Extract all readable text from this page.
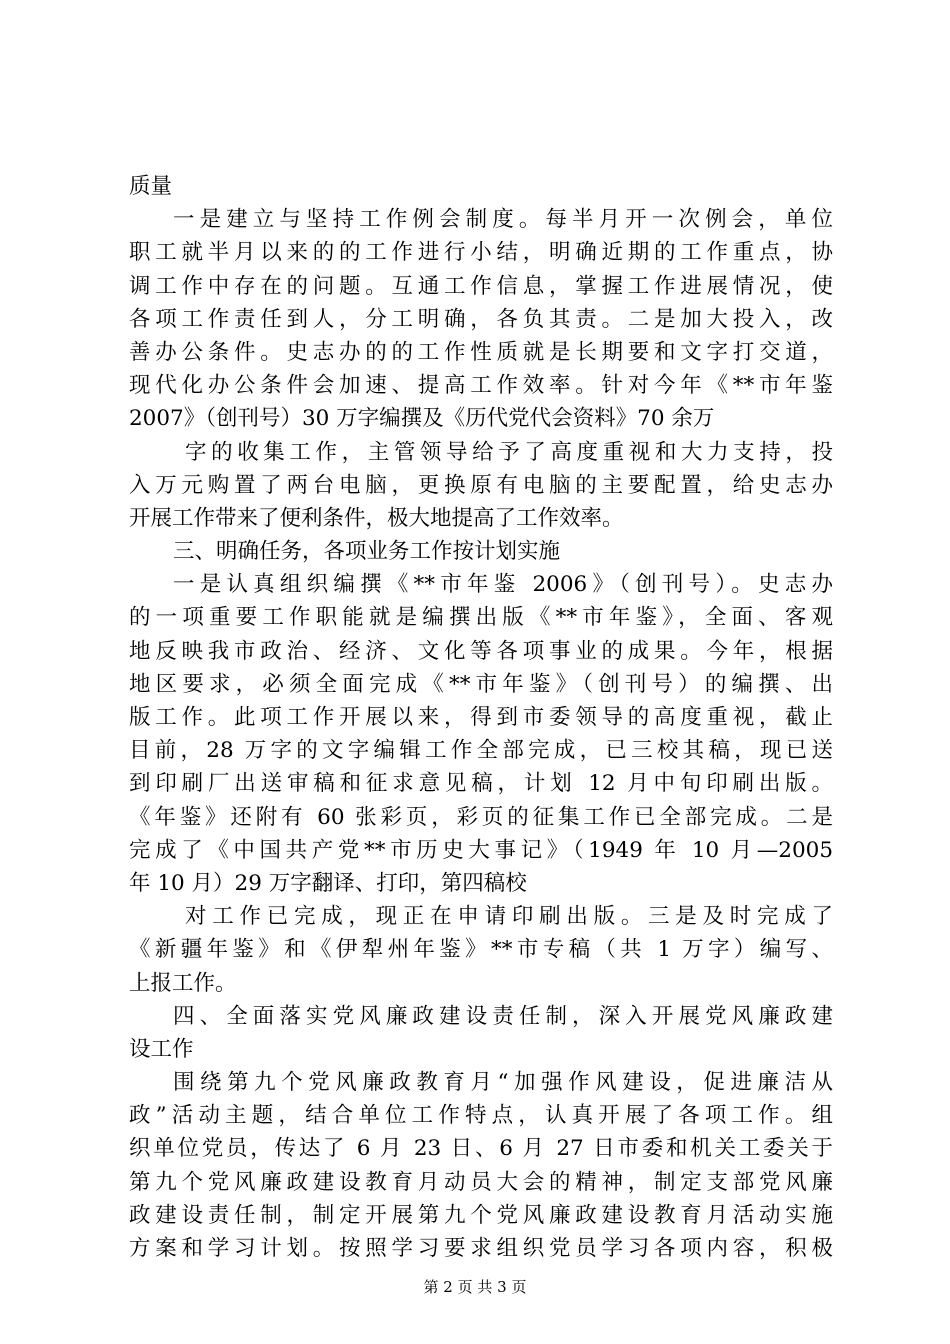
质量
一是建立与坚持工作例会制度。每半月开一次例会，单位
职工就半月以来的的工作进行小结，明确近期的工作重点，协
调工作中存在的问题。互通工作信息，掌握工作进展情况，使
各项工作责任到人，分工明确，各负其责。二是加大投入，改
善办公条件。史志办的的工作性质就是长期要和文字打交道，
现代化办公条件会加速、提高工作效率。针对今年《**市年鉴
2007》（创刊号）30 万字编撰及《历代党代会资料》70 余万
字的收集工作，主管领导给予了高度重视和大力支持，投
入万元购置了两台电脑，更换原有电脑的主要配置，给史志办
开展工作带来了便利条件，极大地提高了工作效率。
三、明确任务，各项业务工作按计划实施
一是认真组织编撰《**市年鉴 2006》（创刊号）。史志办
的一项重要工作职能就是编撰出版《**市年鉴》，全面、客观
地反映我市政治、经济、文化等各项事业的成果。今年，根据
地区要求，必须全面完成《**市年鉴》（创刊号）的编撰、出
版工作。此项工作开展以来，得到市委领导的高度重视，截止
目前，28 万字的文字编辑工作全部完成，已三校其稿，现已送
到印刷厂出送审稿和征求意见稿，计划 12 月中旬印刷出版。
《年鉴》还附有 60 张彩页，彩页的征集工作已全部完成。二是
完成了《中国共产党**市历史大事记》（1949 年 10 月—2005
年 10 月）29 万字翻译、打印，第四稿校
对工作已完成，现正在申请印刷出版。三是及时完成了
《新疆年鉴》和《伊犁州年鉴》**市专稿（共 1 万字）编写、
上报工作。
四、全面落实党风廉政建设责任制，深入开展党风廉政建
设工作
围绕第九个党风廉政教育月“加强作风建设，促进廉洁从
政”活动主题，结合单位工作特点，认真开展了各项工作。组
织单位党员，传达了 6 月 23 日、6 月 27 日市委和机关工委关于
第九个党风廉政建设教育月动员大会的精神，制定支部党风廉
政建设责任制，制定开展第九个党风廉政建设教育月活动实施
方案和学习计划。按照学习要求组织党员学习各项内容，积极
第 2 页 共 3 页
